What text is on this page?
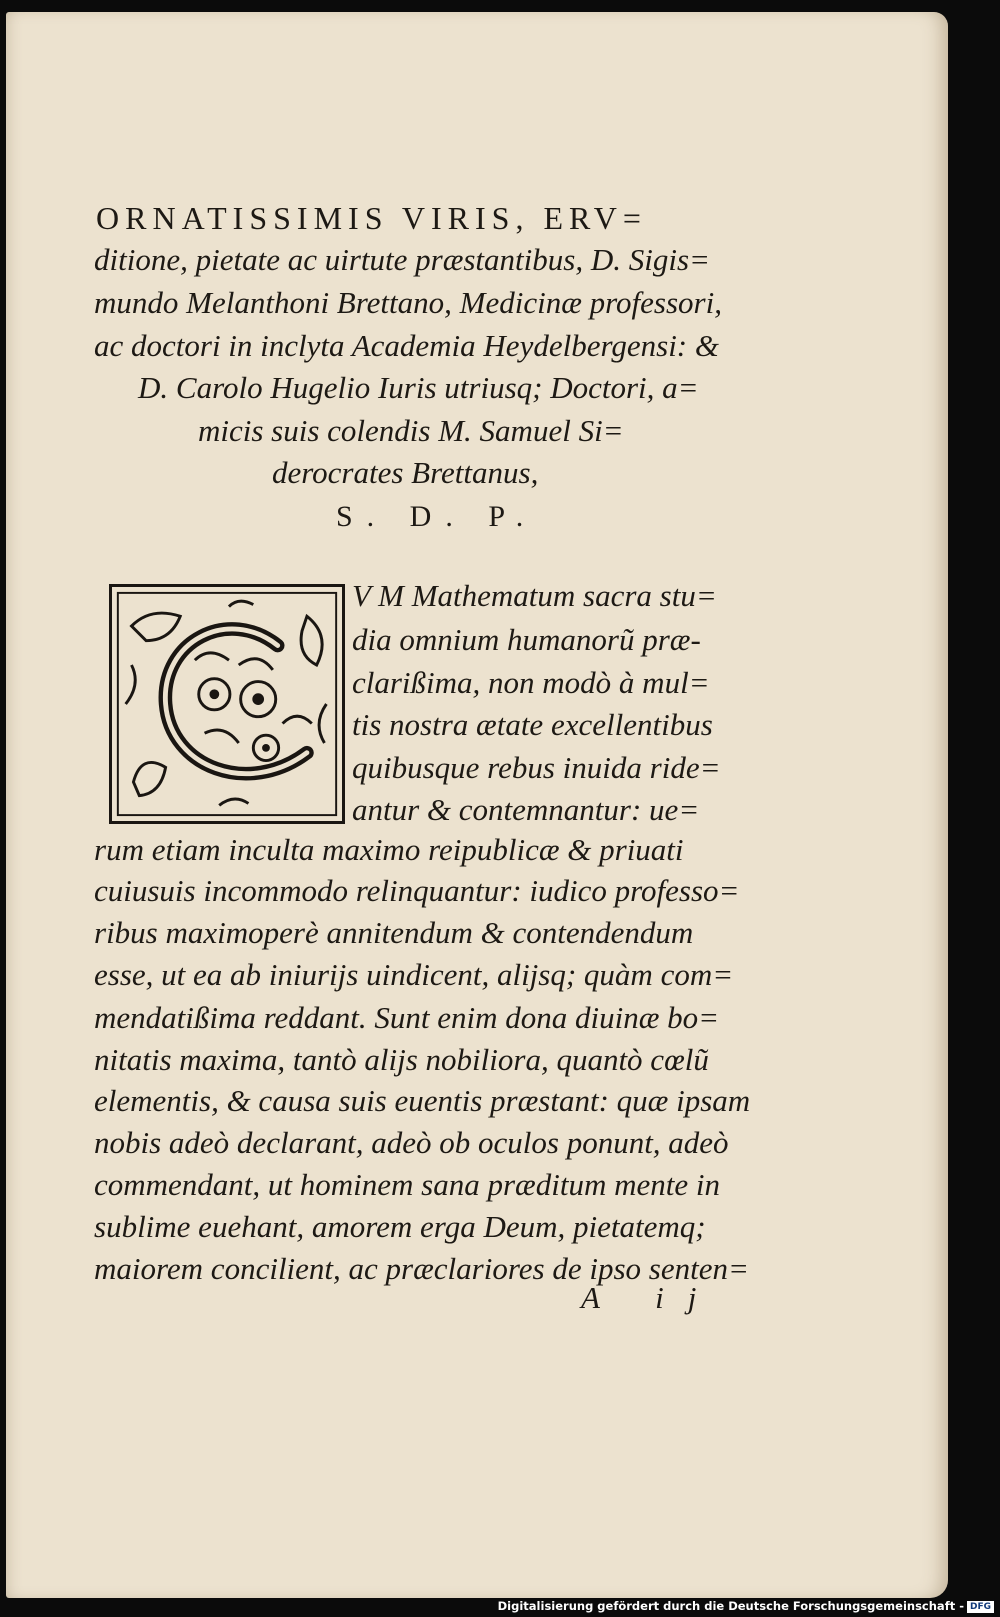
ORNATISSIMIS VIRIS, ERV=
ditione, pietate ac uirtute præstantibus, D. Sigis=
mundo Melanthoni Brettano, Medicinæ professori,
ac doctori in inclyta Academia Heydelbergensi: &
D. Carolo Hugelio Iuris utriusq; Doctori, a=
micis suis colendis M. Samuel Si=
derocrates Brettanus,
S. D. P.
V M Mathematum sacra stu=
dia omnium humanorũ præ-
clarißima, non modò à mul=
tis nostra ætate excellentibus
quibusque rebus inuida ride=
antur & contemnantur: ue=
rum etiam inculta maximo reipublicæ & priuati
cuiusuis incommodo relinquantur: iudico professo=
ribus maximoperè annitendum & contendendum
esse, ut ea ab iniurijs uindicent, alijsq; quàm com=
mendatißima reddant. Sunt enim dona diuinæ bo=
nitatis maxima, tantò alijs nobiliora, quantò cœlũ
elementis, & causa suis euentis præstant: quæ ipsam
nobis adeò declarant, adeò ob oculos ponunt, adeò
commendant, ut hominem sana præditum mente in
sublime euehant, amorem erga Deum, pietatemq;
maiorem concilient, ac præclariores de ipso senten=
A ij
Digitalisierung gefördert durch die Deutsche Forschungsgemeinschaft - DFG
